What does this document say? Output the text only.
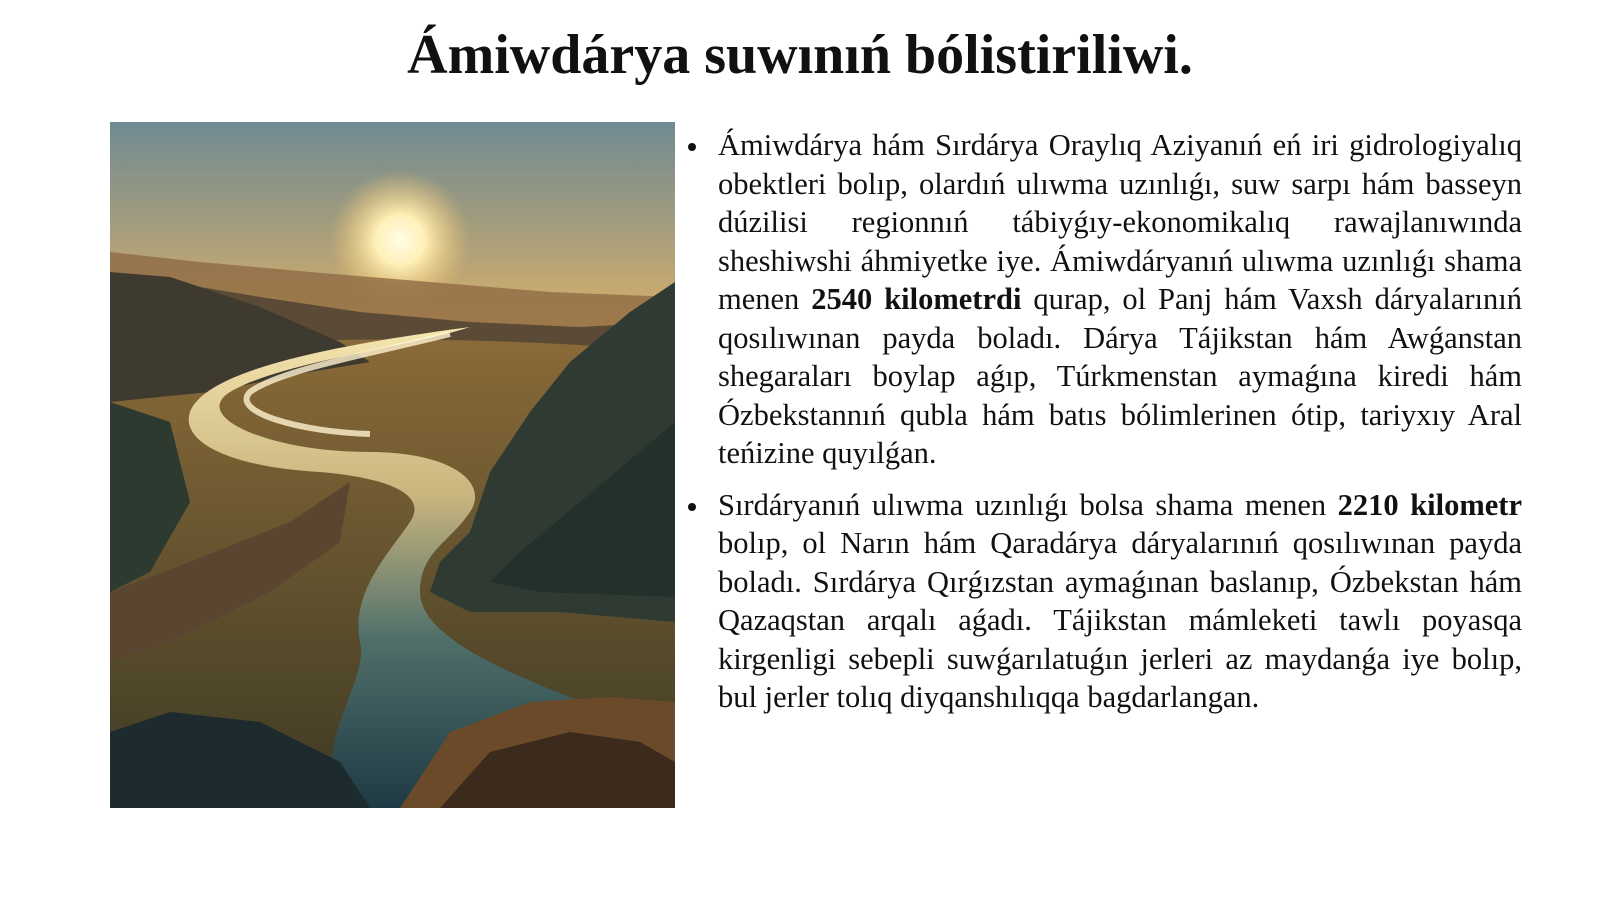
Ámiwdárya suwınıń bólistiriliwi.

Ámiwdárya hám Sırdárya Oraylıq Aziyanıń eń iri gidrologiyalıq obektleri bolıp, olardıń ulıwma uzınlıǵı, suw sarpı hám basseyn dúzilisi regionnıń tábiyǵıy-ekonomikalıq rawajlanıwında sheshiwshi áhmiyetke iye. Ámiwdáryanıń ulıwma uzınlıǵı shama menen 2540 kilometrdi qurap, ol Panj hám Vaxsh dáryalarınıń qosılıwınan payda boladı. Dárya Tájikstan hám Awǵanstan shegaraları boylap aǵıp, Túrkmenstan aymaǵına kiredi hám Ózbekstannıń qubla hám batıs bólimlerinen ótip, tariyxıy Aral teńizine quyılǵan.

Sırdáryanıń ulıwma uzınlıǵı bolsa shama menen 2210 kilometr bolıp, ol Narın hám Qaradárya dáryalarınıń qosılıwınan payda boladı. Sırdárya Qırǵızstan aymaǵınan baslanıp, Ózbekstan hám Qazaqstan arqalı aǵadı. Tájikstan mámleketi tawlı poyasqa kirgenligi sebepli suwǵarılatuǵın jerleri az maydanǵa iye bolıp, bul jerler tolıq diyqanshılıqqa bagdarlangan.
